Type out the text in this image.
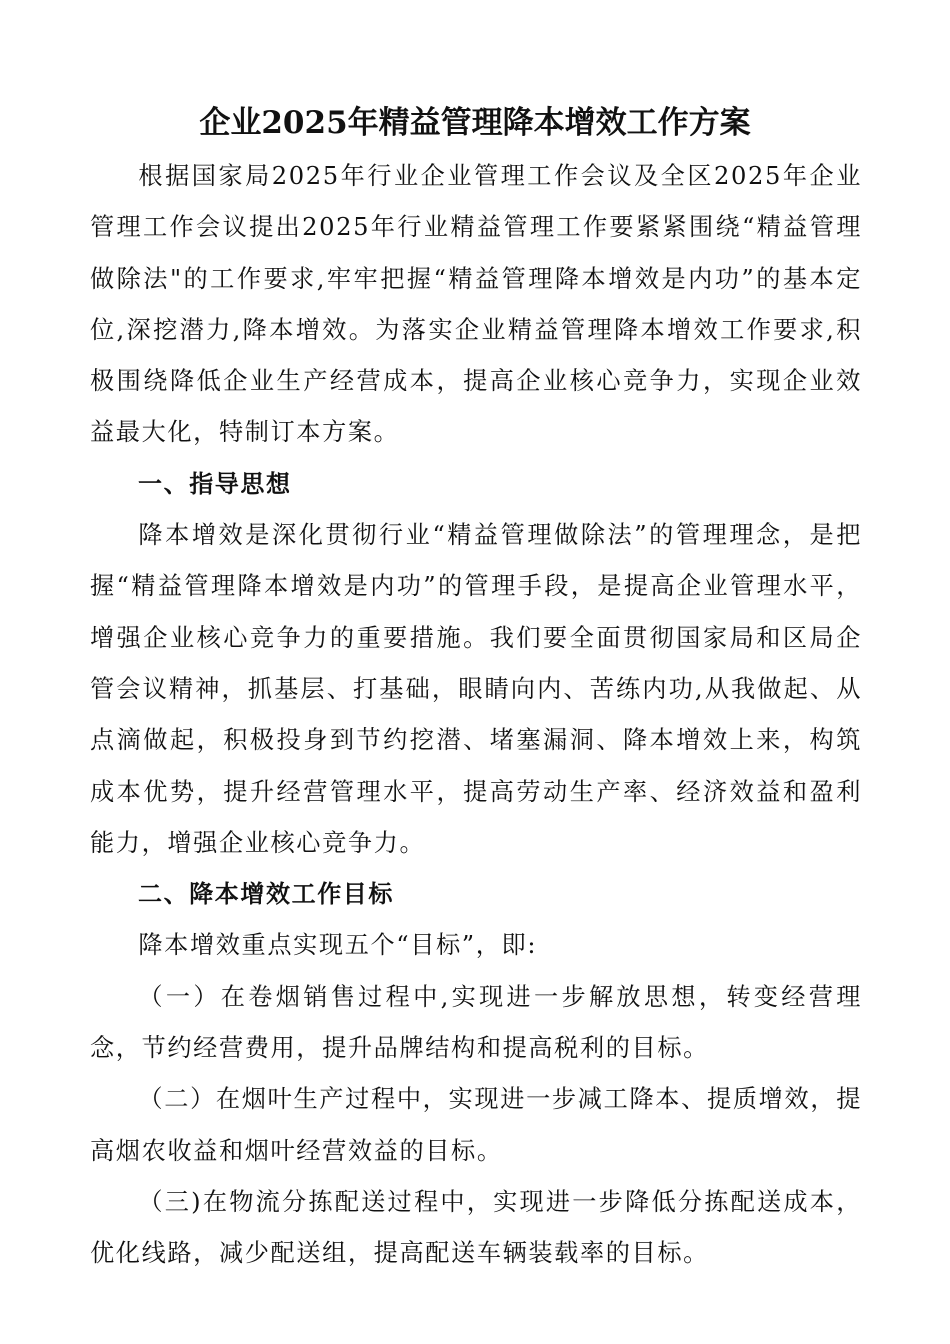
企业2025年精益管理降本增效工作方案

根据国家局2025年行业企业管理工作会议及全区2025年企业管理工作会议提出2025年行业精益管理工作要紧紧围绕“精益管理做除法"的工作要求,牢牢把握“精益管理降本增效是内功”的基本定位,深挖潜力,降本增效。为落实企业精益管理降本增效工作要求,积极围绕降低企业生产经营成本，提高企业核心竞争力，实现企业效益最大化，特制订本方案。

一、指导思想

降本增效是深化贯彻行业“精益管理做除法”的管理理念，是把握“精益管理降本增效是内功”的管理手段，是提高企业管理水平，增强企业核心竞争力的重要措施。我们要全面贯彻国家局和区局企管会议精神，抓基层、打基础，眼睛向内、苦练内功,从我做起、从点滴做起，积极投身到节约挖潜、堵塞漏洞、降本增效上来，构筑成本优势，提升经营管理水平，提高劳动生产率、经济效益和盈利能力，增强企业核心竞争力。

二、降本增效工作目标

降本增效重点实现五个“目标”，即:

（一）在卷烟销售过程中,实现进一步解放思想，转变经营理念，节约经营费用，提升品牌结构和提高税利的目标。

（二）在烟叶生产过程中，实现进一步减工降本、提质增效，提高烟农收益和烟叶经营效益的目标。

（三)在物流分拣配送过程中，实现进一步降低分拣配送成本，优化线路，减少配送组，提高配送车辆装载率的目标。
